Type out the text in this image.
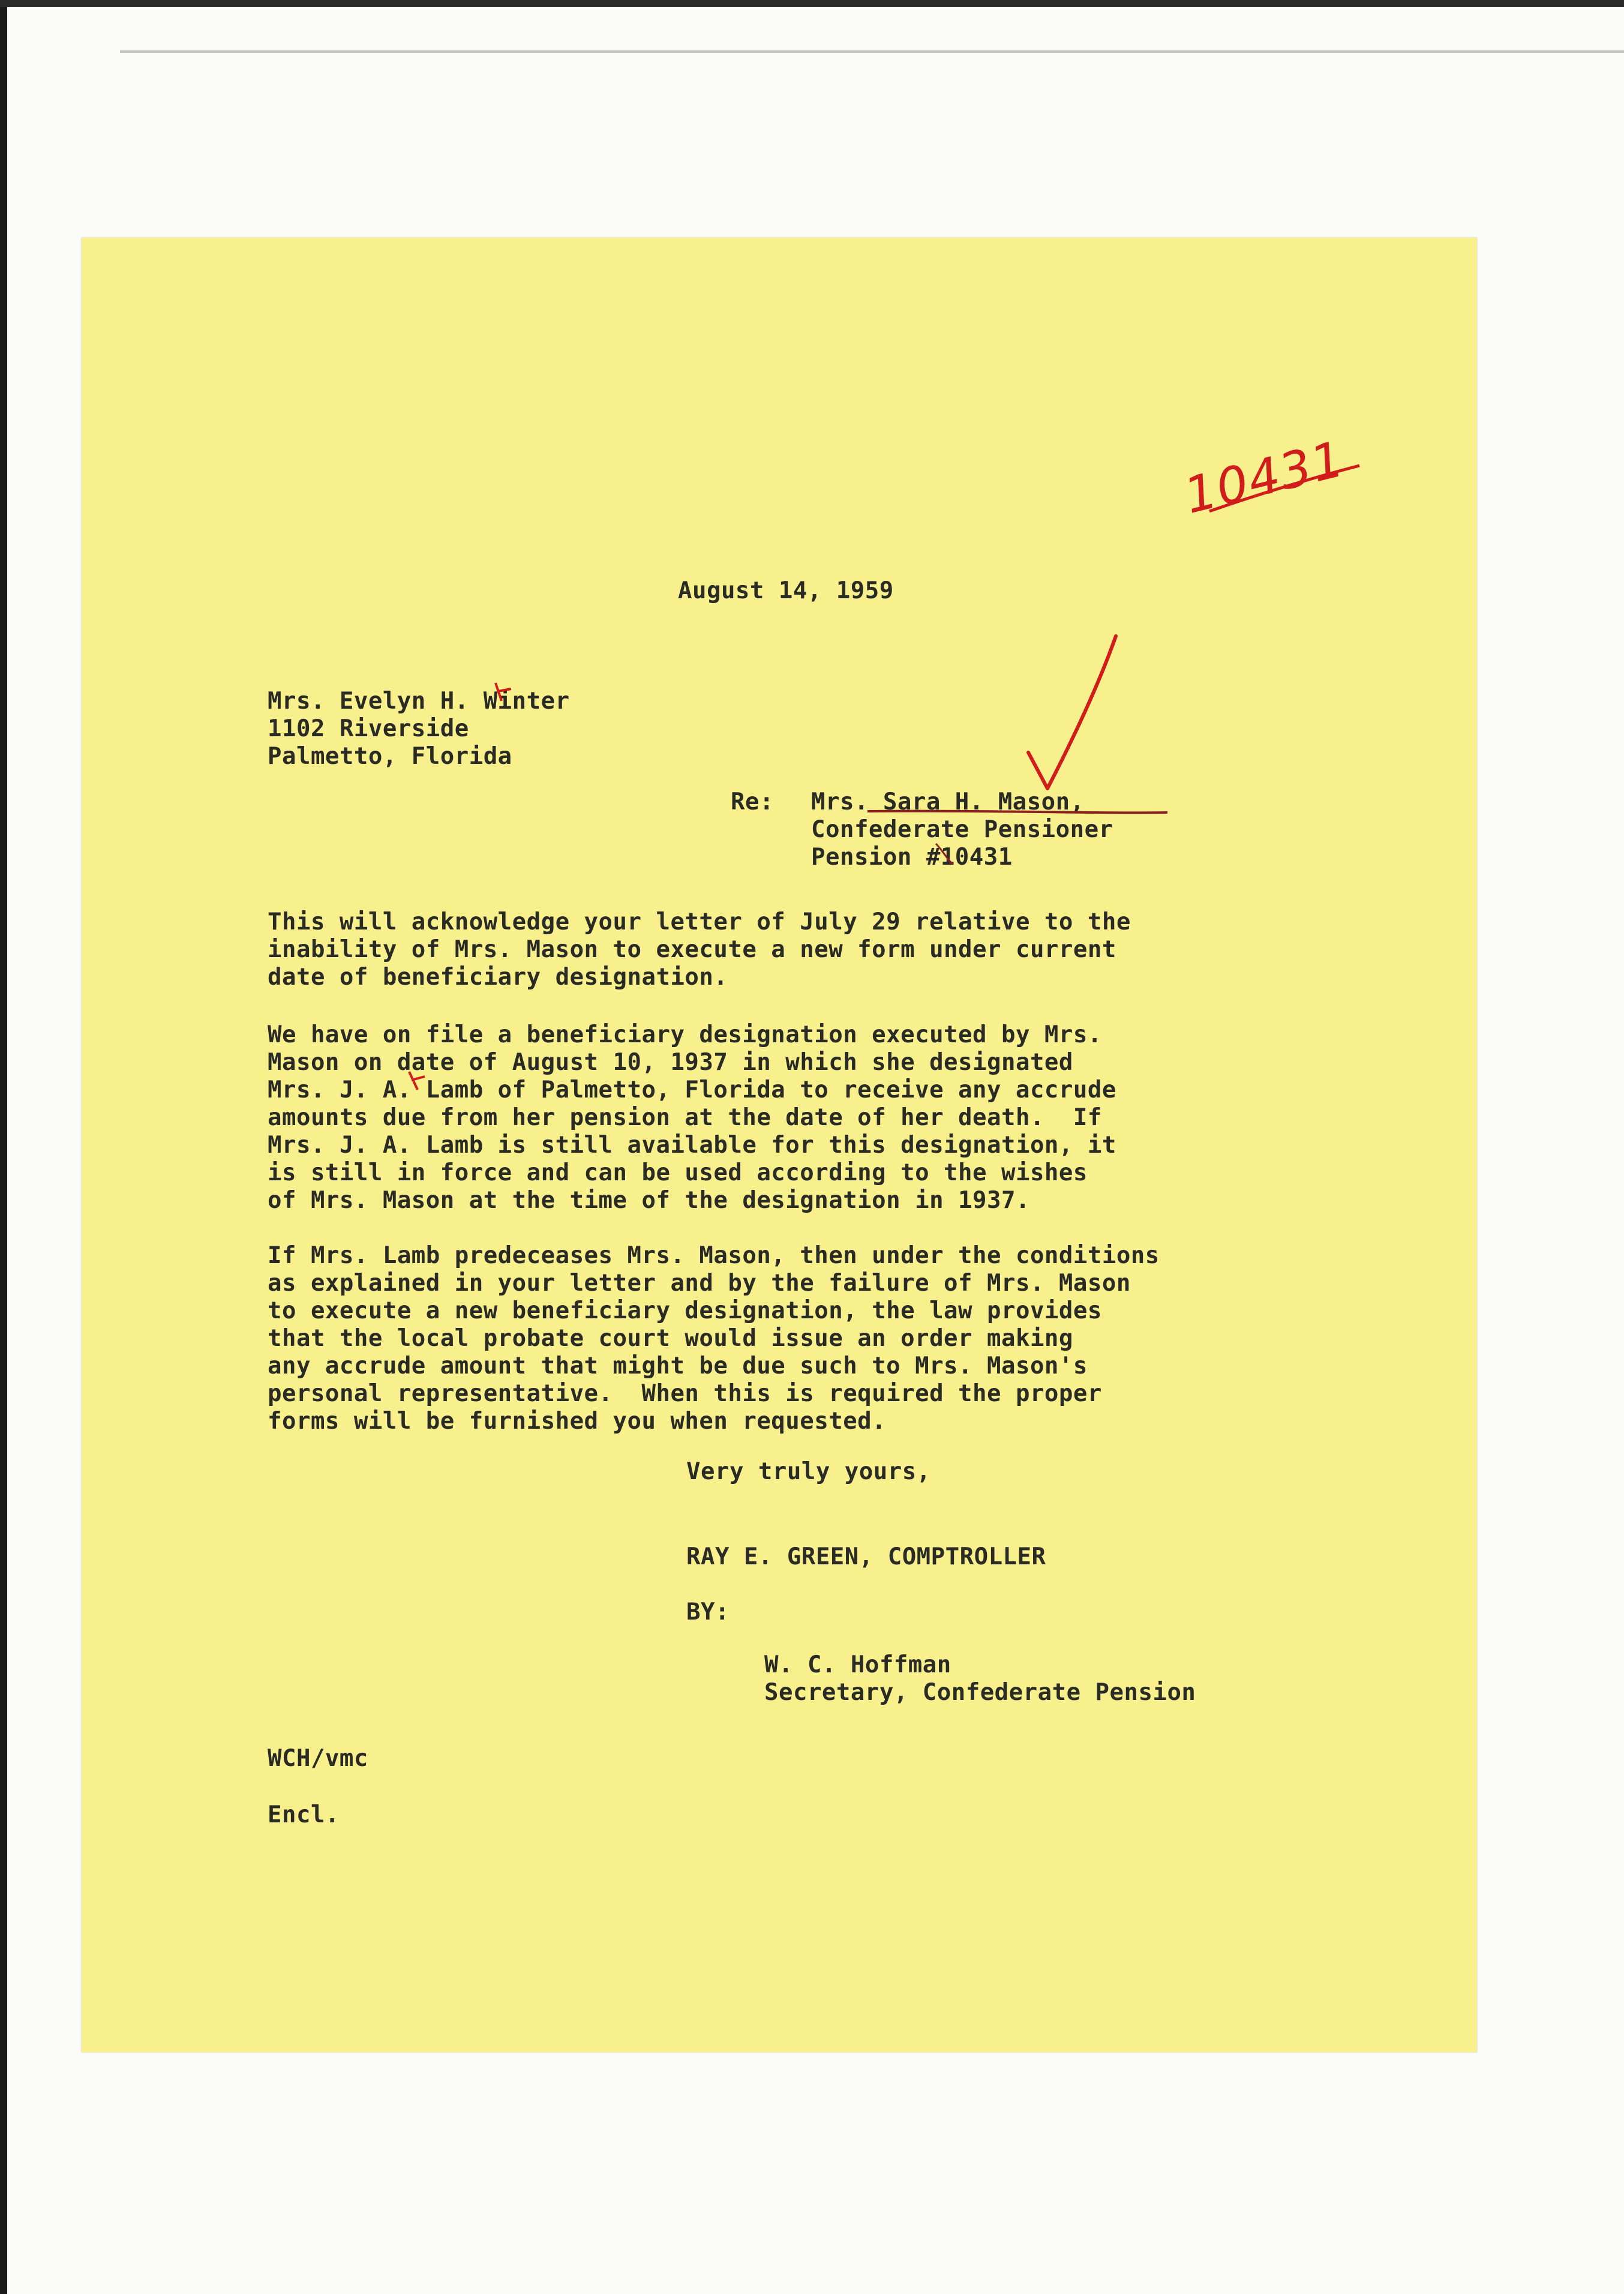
August 14, 1959
Mrs. Evelyn H. Winter
1102 Riverside
Palmetto, Florida
Re: Mrs. Sara H. Mason,
Confederate Pensioner
Pension #10431
This will acknowledge your letter of July 29 relative to the
inability of Mrs. Mason to execute a new form under current
date of beneficiary designation.
We have on file a beneficiary designation executed by Mrs.
Mason on date of August 10, 1937 in which she designated
Mrs. J. A. Lamb of Palmetto, Florida to receive any accrude
amounts due from her pension at the date of her death.  If
Mrs. J. A. Lamb is still available for this designation, it
is still in force and can be used according to the wishes
of Mrs. Mason at the time of the designation in 1937.
If Mrs. Lamb predeceases Mrs. Mason, then under the conditions
as explained in your letter and by the failure of Mrs. Mason
to execute a new beneficiary designation, the law provides
that the local probate court would issue an order making
any accrude amount that might be due such to Mrs. Mason's
personal representative.  When this is required the proper
forms will be furnished you when requested.
Very truly yours,
RAY E. GREEN, COMPTROLLER
BY:
W. C. Hoffman
Secretary, Confederate Pension
WCH/vmc
Encl.
10431
